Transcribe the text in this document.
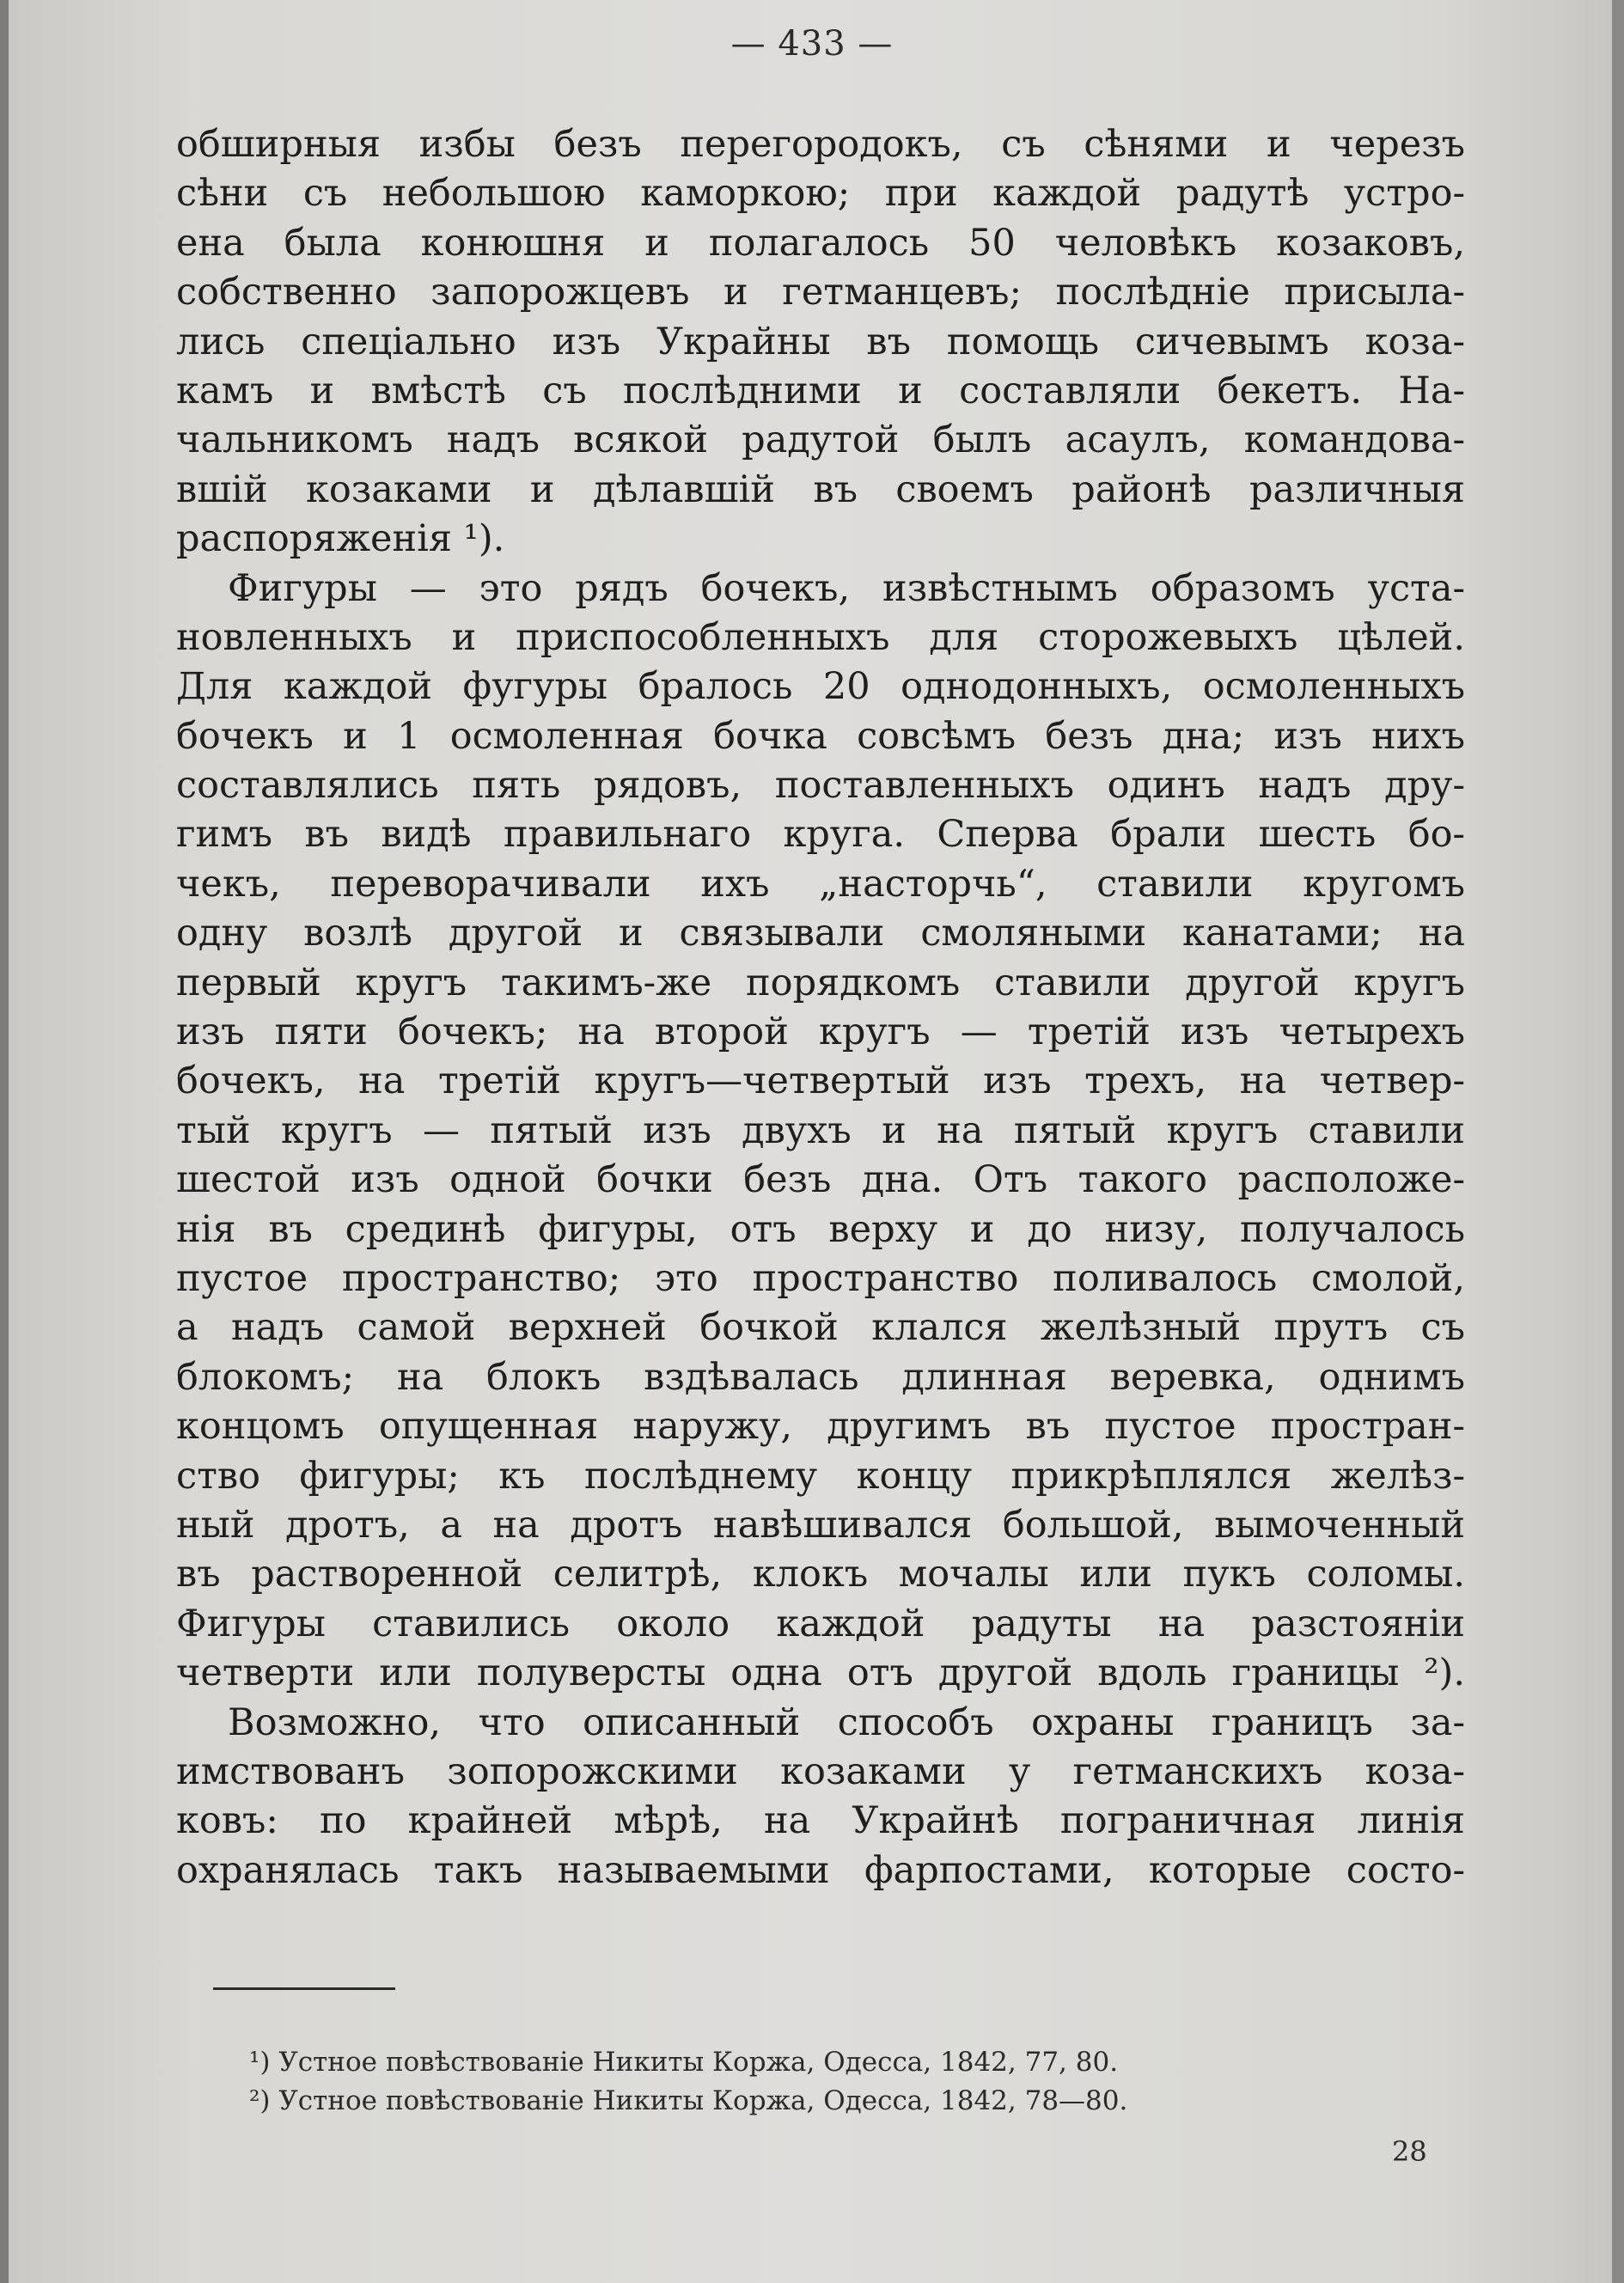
— 433 —
обширныя избы безъ перегородокъ, съ сѣнями и черезъ
сѣни съ небольшою каморкою; при каждой радутѣ устро-
ена была конюшня и полагалось 50 человѣкъ козаковъ,
собственно запорожцевъ и гетманцевъ; послѣдніе присыла-
лись спеціально изъ Украйны въ помощь сичевымъ коза-
камъ и вмѣстѣ съ послѣдними и составляли бекетъ. На-
чальникомъ надъ всякой радутой былъ асаулъ, командова-
вшій козаками и дѣлавшій въ своемъ районѣ различныя
распоряженія ¹).
Фигуры — это рядъ бочекъ, извѣстнымъ образомъ уста-
новленныхъ и приспособленныхъ для сторожевыхъ цѣлей.
Для каждой фугуры бралось 20 однодонныхъ, осмоленныхъ
бочекъ и 1 осмоленная бочка совсѣмъ безъ дна; изъ нихъ
составлялись пять рядовъ, поставленныхъ одинъ надъ дру-
гимъ въ видѣ правильнаго круга. Сперва брали шесть бо-
чекъ, переворачивали ихъ „насторчь“, ставили кругомъ
одну возлѣ другой и связывали смоляными канатами; на
первый кругъ такимъ-же порядкомъ ставили другой кругъ
изъ пяти бочекъ; на второй кругъ — третій изъ четырехъ
бочекъ, на третій кругъ—четвертый изъ трехъ, на четвер-
тый кругъ — пятый изъ двухъ и на пятый кругъ ставили
шестой изъ одной бочки безъ дна. Отъ такого расположе-
нія въ срединѣ фигуры, отъ верху и до низу, получалось
пустое пространство; это пространство поливалось смолой,
а надъ самой верхней бочкой клался желѣзный прутъ съ
блокомъ; на блокъ вздѣвалась длинная веревка, однимъ
концомъ опущенная наружу, другимъ въ пустое простран-
ство фигуры; къ послѣднему концу прикрѣплялся желѣз-
ный дротъ, а на дротъ навѣшивался большой, вымоченный
въ растворенной селитрѣ, клокъ мочалы или пукъ соломы.
Фигуры ставились около каждой радуты на разстояніи
четверти или полуверсты одна отъ другой вдоль границы ²).
Возможно, что описанный способъ охраны границъ за-
имствованъ зопорожскими козаками у гетманскихъ коза-
ковъ: по крайней мѣрѣ, на Украйнѣ пограничная линія
охранялась такъ называемыми фарпостами, которые состо-
¹) Устное повѣствованіе Никиты Коржа, Одесса, 1842, 77, 80.
²) Устное повѣствованіе Никиты Коржа, Одесса, 1842, 78—80.
28
